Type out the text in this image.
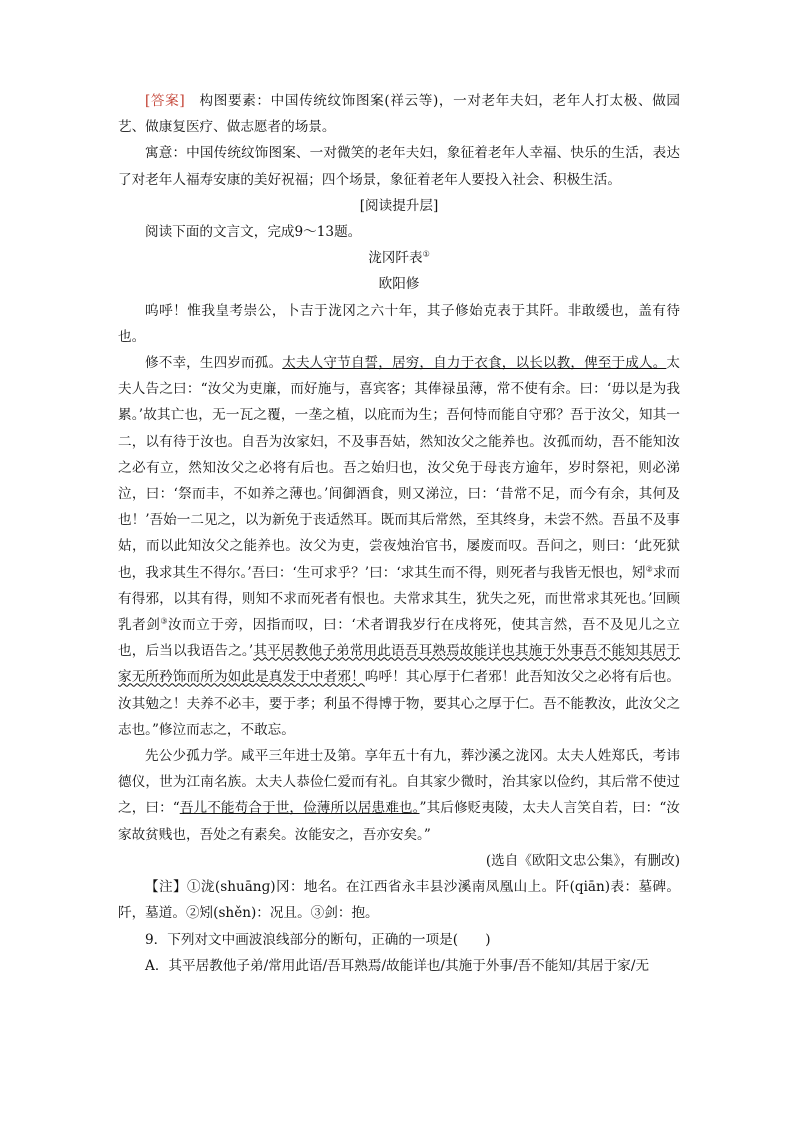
[答案]　 构图要素：中国传统纹饰图案(祥云等)，一对老年夫妇，老年人打太极、做园艺、做康复医疗、做志愿者的场景。

寓意：中国传统纹饰图案、一对微笑的老年夫妇，象征着老年人幸福、快乐的生活，表达了对老年人福寿安康的美好祝福；四个场景，象征着老年人要投入社会、积极生活。

[阅读提升层]

阅读下面的文言文，完成9～13题。

泷冈阡表①

欧阳修

呜呼！惟我皇考崇公，卜吉于泷冈之六十年，其子修始克表于其阡。非敢缓也，盖有待也。

修不幸，生四岁而孤。太夫人守节自誓，居穷，自力于衣食，以长以教，俾至于成人。太夫人告之曰：“汝父为吏廉，而好施与，喜宾客；其俸禄虽薄，常不使有余。曰：‘毋以是为我累。’故其亡也，无一瓦之覆，一垄之植，以庇而为生；吾何恃而能自守邪？吾于汝父，知其一二，以有待于汝也。自吾为汝家妇，不及事吾姑，然知汝父之能养也。汝孤而幼，吾不能知汝之必有立，然知汝父之必将有后也。吾之始归也，汝父免于母丧方逾年，岁时祭祀，则必涕泣，曰：‘祭而丰，不如养之薄也。’间御酒食，则又涕泣，曰：‘昔常不足，而今有余，其何及也！’吾始一二见之，以为新免于丧适然耳。既而其后常然，至其终身，未尝不然。吾虽不及事姑，而以此知汝父之能养也。汝父为吏，尝夜烛治官书，屡废而叹。吾问之，则曰：‘此死狱也，我求其生不得尔。’吾曰：‘生可求乎？’曰：‘求其生而不得，则死者与我皆无恨也，矧②求而有得邪，以其有得，则知不求而死者有恨也。夫常求其生，犹失之死，而世常求其死也。’回顾乳者剑③汝而立于旁，因指而叹，曰：‘术者谓我岁行在戌将死，使其言然，吾不及见儿之立也，后当以我语告之。’其平居教他子弟常用此语吾耳熟焉故能详也其施于外事吾不能知其居于家无所矜饰而所为如此是真发于中者邪！呜呼！其心厚于仁者邪！此吾知汝父之必将有后也。汝其勉之！夫养不必丰，要于孝；利虽不得博于物，要其心之厚于仁。吾不能教汝，此汝父之志也。”修泣而志之，不敢忘。

先公少孤力学。咸平三年进士及第。享年五十有九，葬沙溪之泷冈。太夫人姓郑氏，考讳德仪，世为江南名族。太夫人恭俭仁爱而有礼。自其家少微时，治其家以俭约，其后常不使过之，曰：“吾儿不能苟合于世，俭薄所以居患难也。”其后修贬夷陵，太夫人言笑自若，曰：“汝家故贫贱也，吾处之有素矣。汝能安之，吾亦安矣。”

(选自《欧阳文忠公集》，有删改)

【注】①泷(shuānɡ)冈：地名。在江西省永丰县沙溪南凤凰山上。阡(qiān)表：墓碑。阡，墓道。②矧(shěn)：况且。③剑：抱。

9．下列对文中画波浪线部分的断句，正确的一项是(　　)

A．其平居教他子弟/常用此语/吾耳熟焉/故能详也/其施于外事/吾不能知/其居于家/无
